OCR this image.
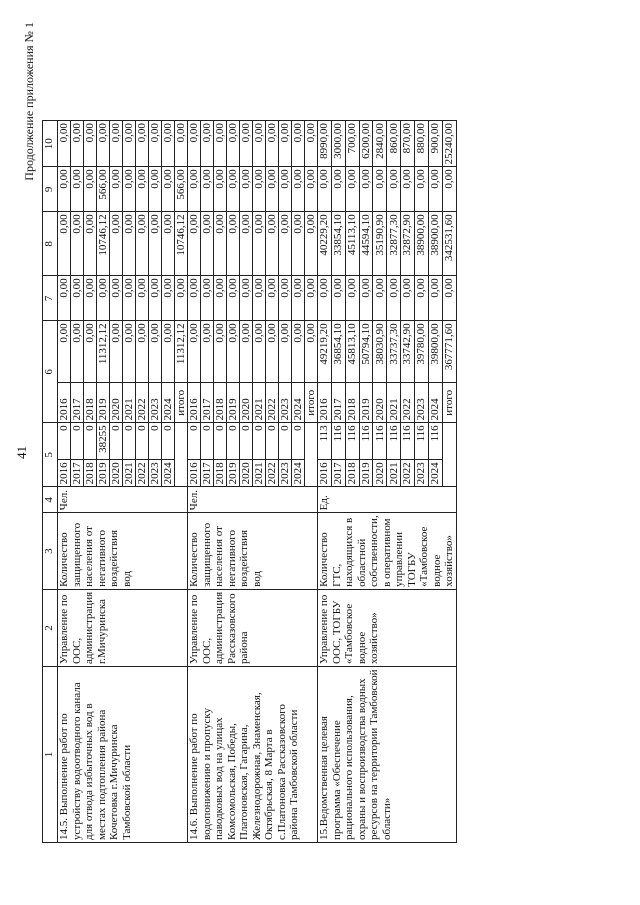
41
Продолжение приложения № 1
1	2	3	4	5		6		7	8	9	10
14.5. Выполнение работ по устройству водоотводного канала для отвода избыточных вод в местах подтопления района Кочетовка г.Мичуринска Тамбовской области	Управление по ООС, администрация г.Мичуринска	Количество защищенного населения от негативного воздействия вод	Чел.	2016	0	2016	0,00	0,00	0,00	0,00	0,00
				2017	0	2017	0,00	0,00	0,00	0,00	0,00
				2018	0	2018	0,00	0,00	0,00	0,00	0,00
				2019	38255	2019	11312,12	0,00	10746,12	566,00	0,00
				2020	0	2020	0,00	0,00	0,00	0,00	0,00
				2021	0	2021	0,00	0,00	0,00	0,00	0,00
				2022	0	2022	0,00	0,00	0,00	0,00	0,00
				2023	0	2023	0,00	0,00	0,00	0,00	0,00
				2024	0	2024	0,00	0,00	0,00	0,00	0,00
						итого	11312,12	0,00	10746,12	566,00	0,00
14.6. Выполнение работ по водопонижению и пропуску паводковых вод на улицах Комсомольская, Победы, Платоновская, Гагарина, Железнодорожная, Знаменская, Октябрьская, 8 Марта в с.Платоновка Рассказовского района Тамбовской области	Управление по ООС, администрация Рассказовского района	Количество защищенного населения от негативного воздействия вод	Чел.	2016	0	2016	0,00	0,00	0,00	0,00	0,00
				2017	0	2017	0,00	0,00	0,00	0,00	0,00
				2018	0	2018	0,00	0,00	0,00	0,00	0,00
				2019	0	2019	0,00	0,00	0,00	0,00	0,00
				2020	0	2020	0,00	0,00	0,00	0,00	0,00
				2021	0	2021	0,00	0,00	0,00	0,00	0,00
				2022	0	2022	0,00	0,00	0,00	0,00	0,00
				2023	0	2023	0,00	0,00	0,00	0,00	0,00
				2024	0	2024	0,00	0,00	0,00	0,00	0,00
						итого	0,00	0,00	0,00	0,00	0,00
15.Ведомственная целевая программа «Обеспечение рационального использования, охраны и воспроизводства водных ресурсов на территории Тамбовской области»	Управление по ООС, ТОГБУ «Тамбовское водное хозяйство»	Количество ГТС, находящихся в областной собственности, в оперативном управлении ТОГБУ «Тамбовское водное хозяйство»	Ед.	2016	113	2016	49219,20	0,00	40229,20	0,00	8990,00
				2017	116	2017	36854,10	0,00	33854,10	0,00	3000,00
				2018	116	2018	45813,10	0,00	45113,10	0,00	700,00
				2019	116	2019	50794,10	0,00	44594,10	0,00	6200,00
				2020	116	2020	38030,90	0,00	35190,90	0,00	2840,00
				2021	116	2021	33737,30	0,00	32877,30	0,00	860,00
				2022	116	2022	33742,90	0,00	32872,90	0,00	870,00
				2023	116	2023	39780,00	0,00	38900,00	0,00	880,00
				2024	116	2024	39800,00	0,00	38900,00	0,00	900,00
						итого	367771,60	0,00	342531,60	0,00	25240,00
